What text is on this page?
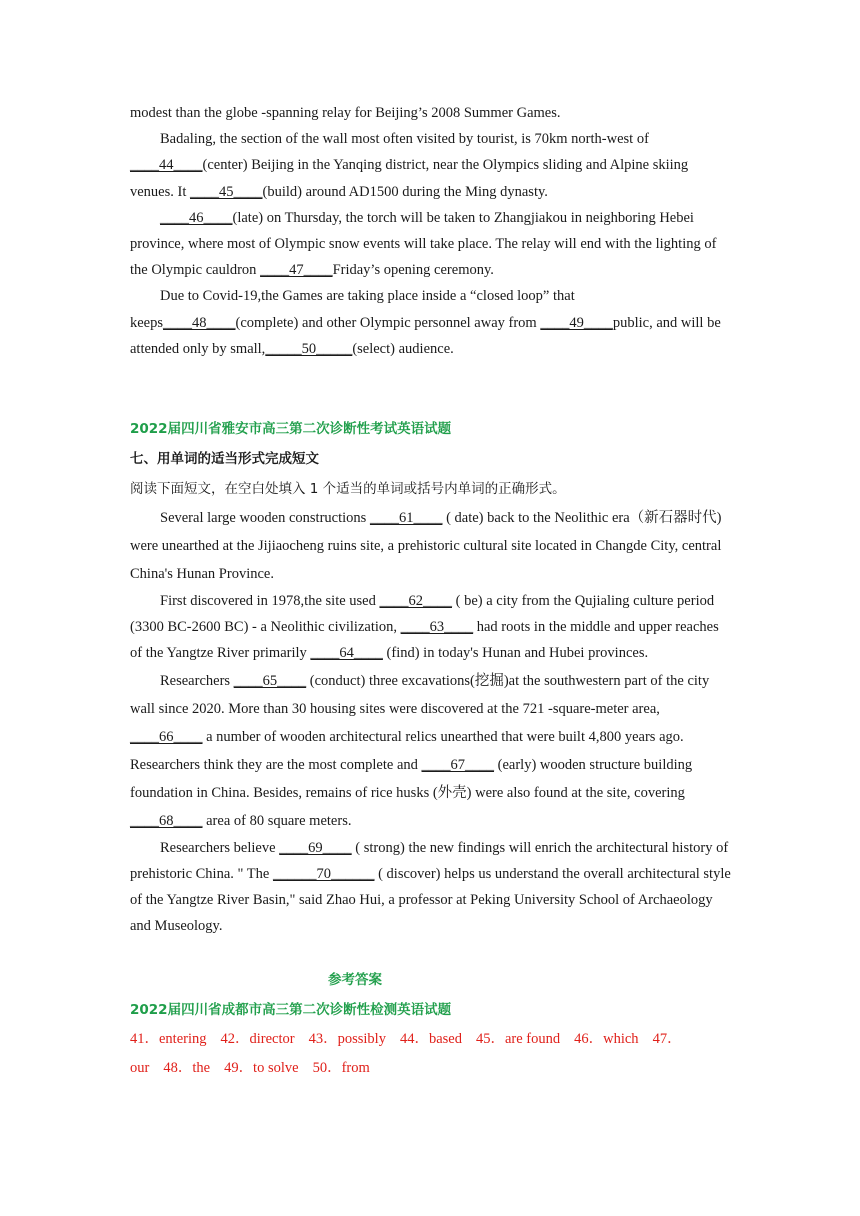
modest than the globe -spanning relay for Beijing’s 2008 Summer Games.

Badaling, the section of the wall most often visited by tourist, is 70km north-west of ____44____(center) Beijing in the Yanqing district, near the Olympics sliding and Alpine skiing venues. It ____45____(build) around AD1500 during the Ming dynasty.

____46____(late) on Thursday, the torch will be taken to Zhangjiakou in neighboring Hebei province, where most of Olympic snow events will take place. The relay will end with the lighting of the Olympic cauldron ____47____Friday’s opening ceremony.

Due to Covid-19,the Games are taking place inside a “closed loop” that keeps____48____(complete) and other Olympic personnel away from ____49____public, and will be attended only by small,_____50_____(select) audience.

2022届四川省雅安市高三第二次诊断性考试英语试题
七、用单词的适当形式完成短文
阅读下面短文，在空白处填入 1 个适当的单词或括号内单词的正确形式。

Several large wooden constructions ____61____ ( date) back to the Neolithic era（新石器时代) were unearthed at the Jijiaocheng ruins site, a prehistoric cultural site located in Changde City, central China's Hunan Province.

First discovered in 1978,the site used ____62____ ( be) a city from the Qujialing culture period (3300 BC-2600 BC) - a Neolithic civilization, ____63____ had roots in the middle and upper reaches of the Yangtze River primarily ____64____ (find) in today's Hunan and Hubei provinces.

Researchers ____65____ (conduct) three excavations(挖掘)at the southwestern part of the city wall since 2020. More than 30 housing sites were discovered at the 721 -square-meter area, ____66____ a number of wooden architectural relics unearthed that were built 4,800 years ago. Researchers think they are the most complete and ____67____ (early) wooden structure building foundation in China. Besides, remains of rice husks (外壳) were also found at the site, covering ____68____ area of 80 square meters.

Researchers believe ____69____ ( strong) the new findings will enrich the architectural history of prehistoric China. " The ______70______ ( discover) helps us understand the overall architectural style of the Yangtze River Basin," said Zhao Hui, a professor at Peking University School of Archaeology and Museology.

参考答案
2022届四川省成都市高三第二次诊断性检测英语试题
41．entering 42．director 43．possibly 44．based 45．are found 46．which 47．our 48．the 49．to solve 50．from
